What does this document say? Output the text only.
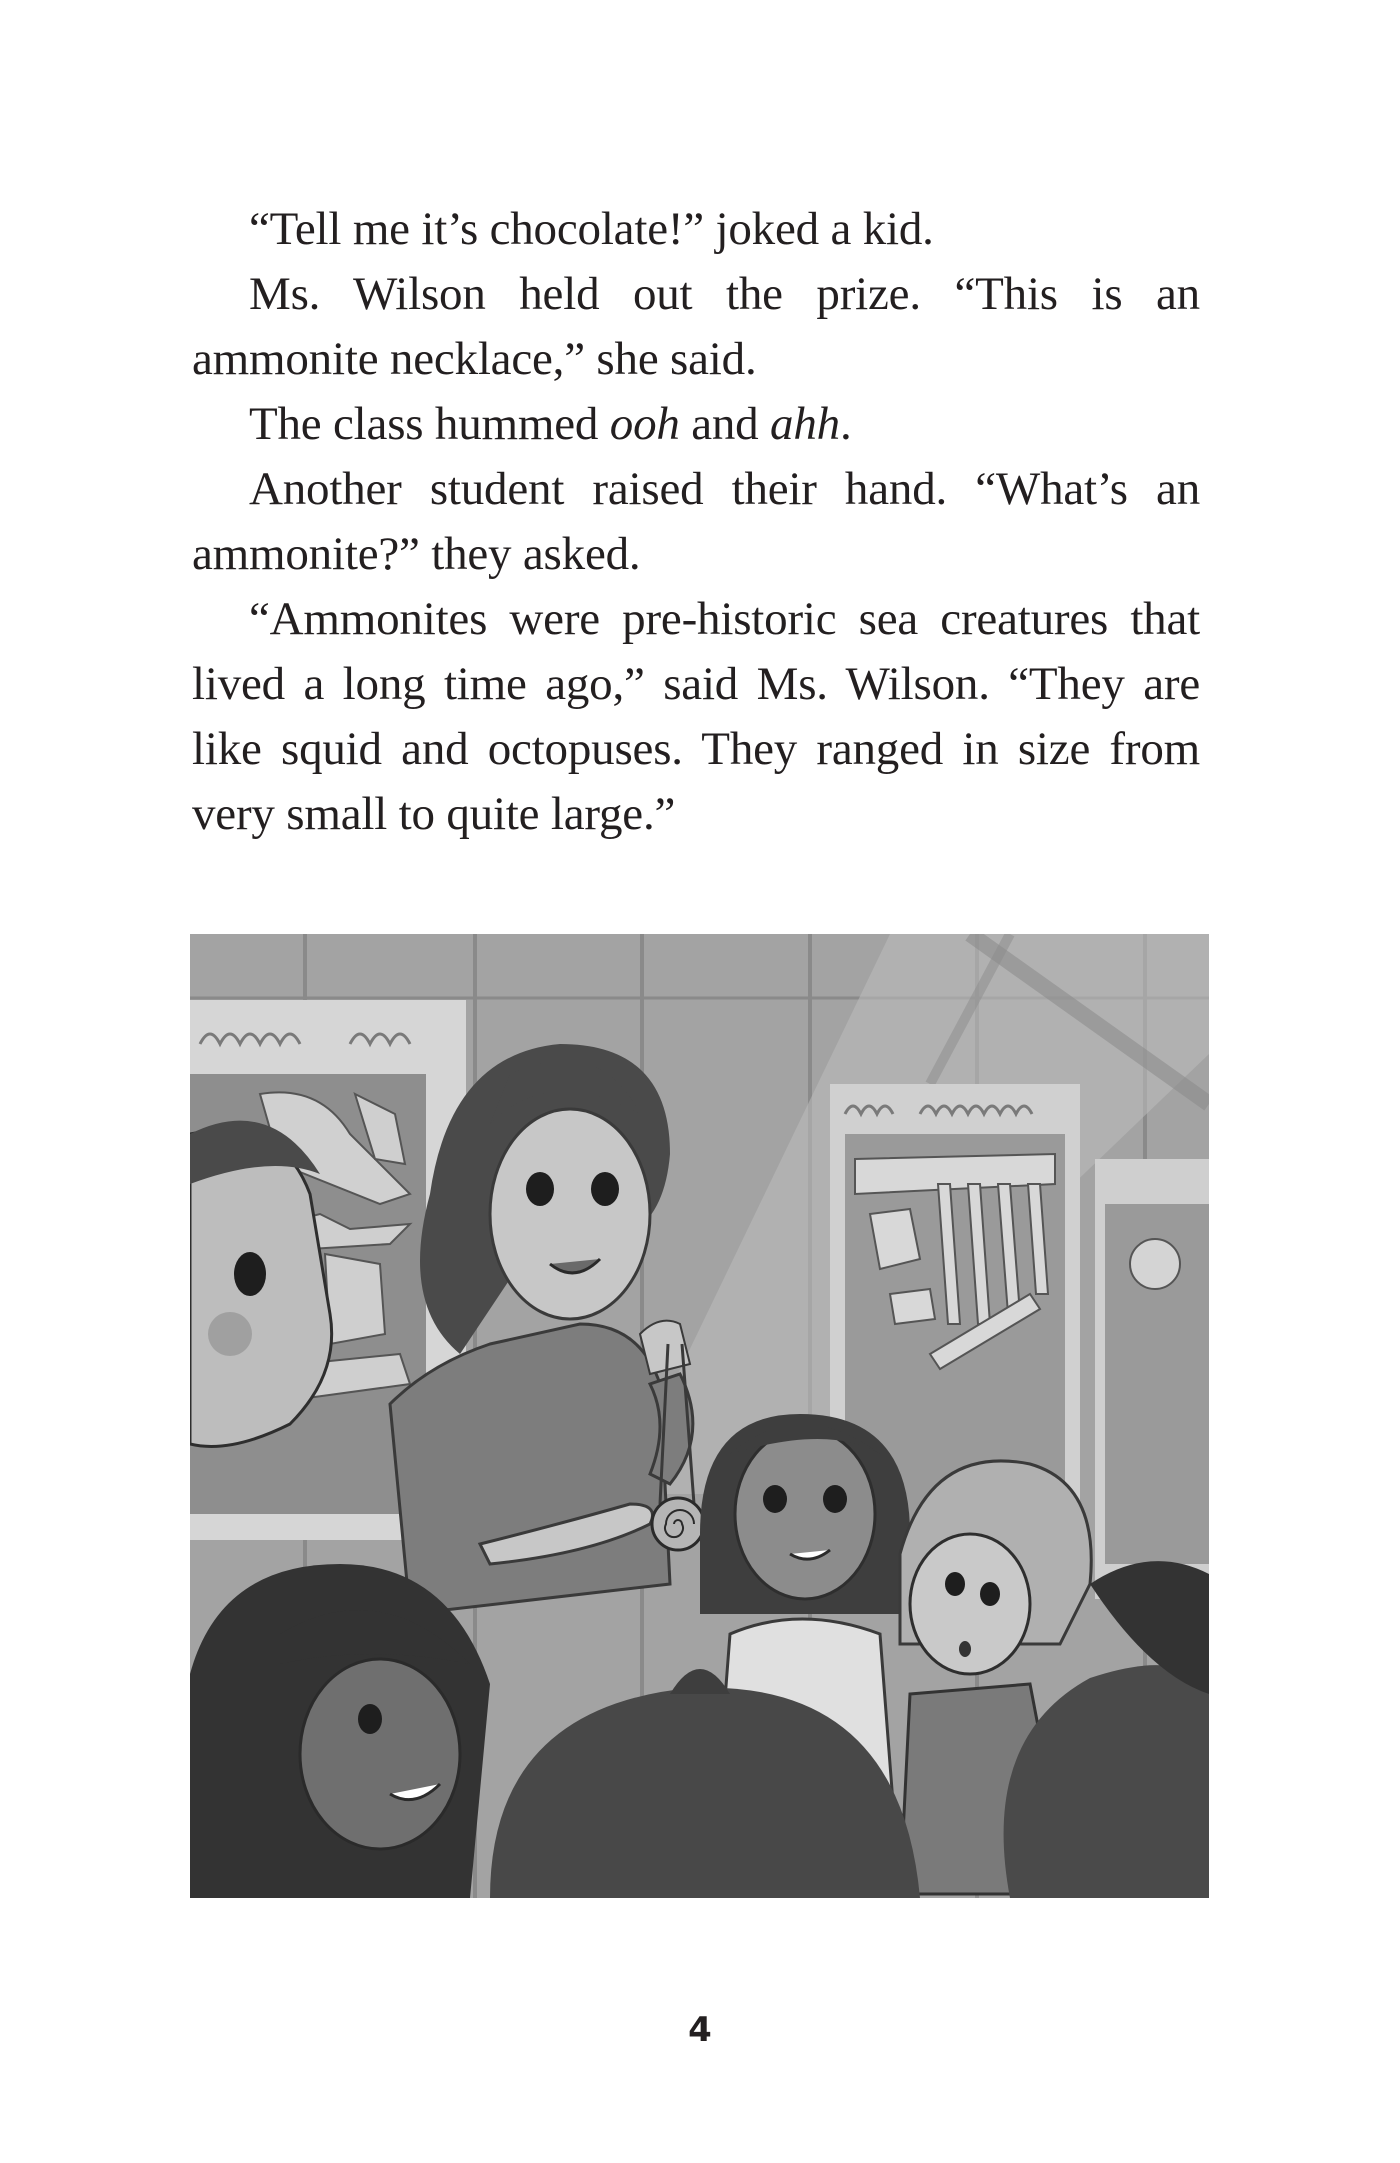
“Tell me it’s chocolate!” joked a kid.

Ms. Wilson held out the prize. “This is an ammonite necklace,” she said.

The class hummed ooh and ahh.

Another student raised their hand. “What’s an ammonite?” they asked.

“Ammonites were pre-historic sea creatures that lived a long time ago,” said Ms. Wilson. “They are like squid and octopuses. They ranged in size from very small to quite large.”

4
